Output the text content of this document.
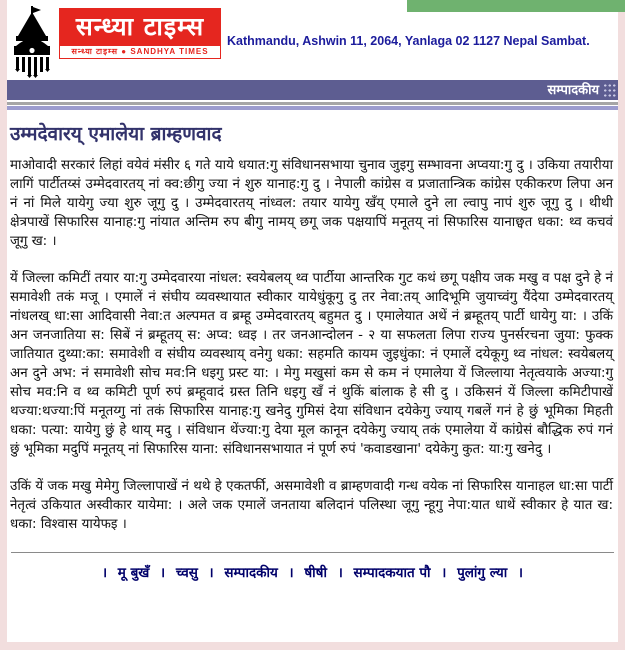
सन्ध्या टाइम्स
सन्ध्या टाइम्स ● SANDHYA TIMES
Kathmandu, Ashwin 11, 2064, Yanlaga 02 1127 Nepal Sambat.
सम्पादकीय
उम्मदेवारय् एमालेया ब्राम्हणवाद

माओवादी सरकारं लिहां वयेवं मंसीर ६ गते याये धयात:गु संविधानसभाया चुनाव जुइगु सम्भावना अप्वया:गु दु । उकिया तयारीया लागिं पार्टीतय्सं उम्मेदवारतय् नां क्व:छीगु ज्या नं शुरु यानाह:गु दु । नेपाली कांग्रेस व प्रजातान्त्रिक कांग्रेस एकीकरण लिपा अन नं नां मिले यायेगु ज्या शुरु जूगु दु । उम्मेदवारतय् नांध्वल: तयार यायेगु खँय् एमाले दुने ला ल्वापु नापं शुरु जूगु दु । थीथी क्षेत्रपाखें सिफारिस यानाह:गु नांयात अन्तिम रुप बीगु नामय् छगू जक पक्षयापिं मनूतय् नां सिफारिस यानाछ्वत धका: थ्व कचवं जूगु ख: ।

यें जिल्ला कमिटीं तयार या:गु उम्मेदवारया नांधल: स्वयेबलय् थ्व पार्टीया आन्तरिक गुट कथं छगू पक्षीय जक मखु व पक्ष दुने हे नं समावेशी तकं मजू । एमालें नं संघीय व्यवस्थायात स्वीकार यायेधुंकूगु दु तर नेवा:तय् आदिभूमि जुयाच्वंगु यैंदेया उम्मेदवारतय् नांधलख् धा:सा आदिवासी नेवा:त अल्पमत व ब्रम्हू उम्मेदवारतय् बहुमत दु । एमालेयात अथें नं ब्रम्हूतय् पार्टी धायेगु या: । उकिं अन जनजातिया स: सिबें नं ब्रम्हूतय् स: अप्व: ध्वइ । तर जनआन्दोलन - २ या सफलता लिपा राज्य पुनर्सरचना जुया: फुक्क जातियात दुथ्या:का: समावेशी व संघीय व्यवस्थाय् वनेगु धका: सहमति कायम जुइधुंका: नं एमालें दयेकूगु थ्व नांधल: स्वयेबलय् अन दुने अभ: नं समावेशी सोच मव:नि धइगु प्रस्ट या: । मेगु मखुसां कम से कम नं एमालेया यें जिल्लाया नेतृत्वयाके अज्या:गु सोच मव:नि व थ्व कमिटी पूर्ण रुपं ब्रम्हूवादं ग्रस्त तिनि धइगु खँ नं थुकिं बांलाक हे सी दु । उकिसनं यें जिल्ला कमिटीपाखें थज्या:थज्या:पिं मनूतय्गु नां तकं सिफारिस यानाह:गु खनेदु गुमिसं देया संविधान दयेकेगु ज्याय् गबलें गनं हे छुं भूमिका मिहती धका: पत्या: यायेगु छुं हे थाय् मदु । संविधान थेंज्या:गु देया मूल कानून दयेकेगु ज्याय् तकं एमालेया यें कांग्रेसं बौद्धिक रुपं गनं छुं भूमिका मदुपिं मनूतय् नां सिफारिस याना: संविधानसभायात नं पूर्ण रुपं 'कवाडखाना' दयेकेगु कुत: या:गु खनेदु ।

उकिं यें जक मखु मेमेगु जिल्लापाखें नं थथे हे एकतर्फी, असमावेशी व ब्राम्हणवादी गन्ध वयेक नां सिफारिस यानाहल धा:सा पार्टी नेतृत्वं उकियात अस्वीकार यायेमा: । अले जक एमालें जनताया बलिदानं पलिस्था जूगु न्हूगु नेपा:यात धाथें स्वीकार हे यात ख: धका: विश्वास यायेफइ ।

। मू बुखँ । च्वसु । सम्पादकीय । षीषी । सम्पादकयात पौ । पुलांगु ल्या ।
